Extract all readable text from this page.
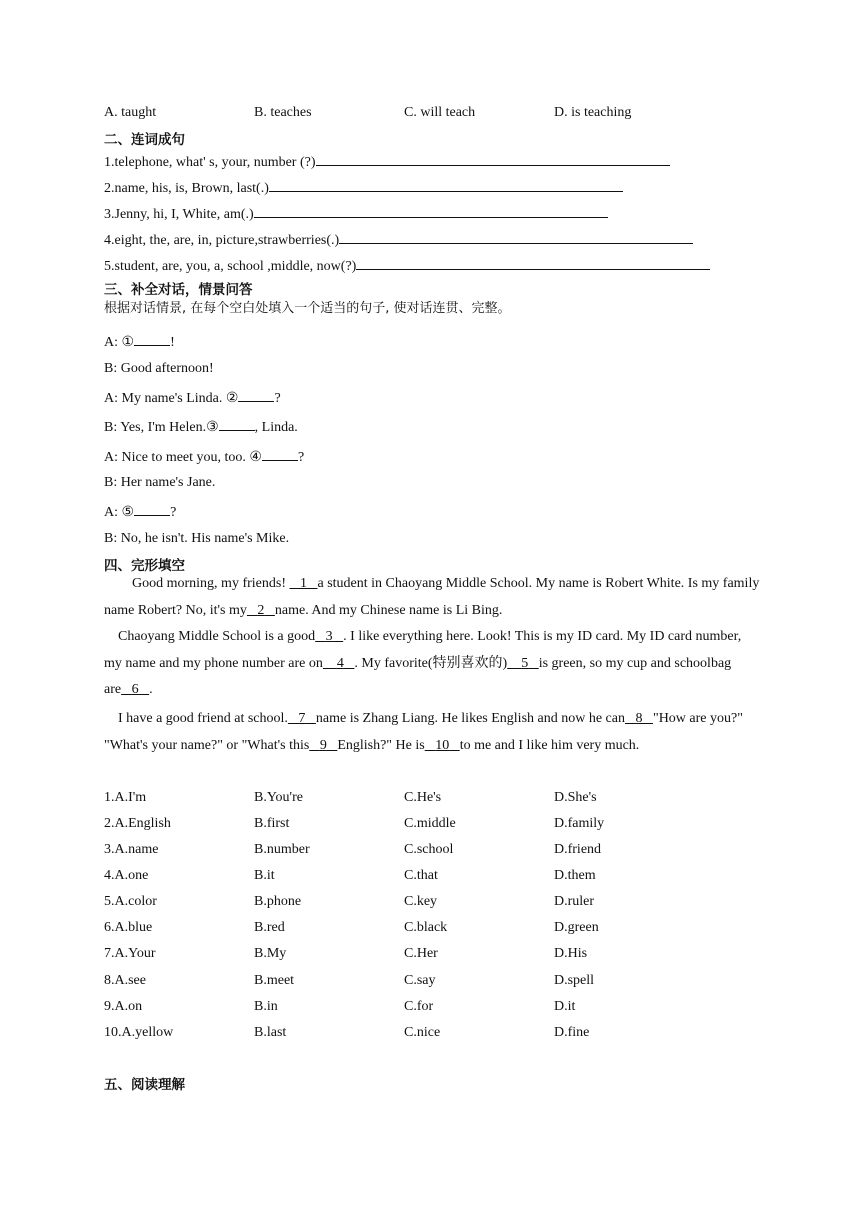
A. taught	B. teaches	C. will teach	D. is teaching
二、连词成句
1.telephone, what' s, your, number (?)
2.name, his, is, Brown, last(.)
3.Jenny, hi, I, White, am(.)
4.eight, the, are, in, picture,strawberries(.)
5.student, are, you, a, school ,middle, now(?)
三、补全对话，情景问答
根据对话情景, 在每个空白处填入一个适当的句子, 使对话连贯、完整。
A: ①	!
B: Good afternoon!
A: My name's Linda. ②	?
B: Yes, I'm Helen.③	, Linda.
A: Nice to meet you, too. ④	?
B: Her name's Jane.
A: ⑤	?
B: No, he isn't. His name's Mike.
四、完形填空
Good morning, my friends!    1 a student in Chaoyang Middle School. My name is Robert White. Is my family name Robert? No, it's my 2 name. And my Chinese name is Li Bing.
Chaoyang Middle School is a good 3 . I like everything here. Look! This is my ID card. My ID card number, my name and my phone number are on 4 . My favorite(特别喜欢的) 5 is green, so my cup and schoolbag are 6 .
I have a good friend at school. 7 name is Zhang Liang. He likes English and now he can 8 "How are you?" "What's your name?" or "What's this 9 English?" He is 10 to me and I like him very much.
1.A.I'm	B.You're	C.He's	D.She's
2.A.English	B.first	C.middle	D.family
3.A.name	B.number	C.school	D.friend
4.A.one	B.it	C.that	D.them
5.A.color	B.phone	C.key	D.ruler
6.A.blue	B.red	C.black	D.green
7.A.Your	B.My	C.Her	D.His
8.A.see	B.meet	C.say	D.spell
9.A.on	B.in	C.for	D.it
10.A.yellow	B.last	C.nice	D.fine
五、阅读理解
